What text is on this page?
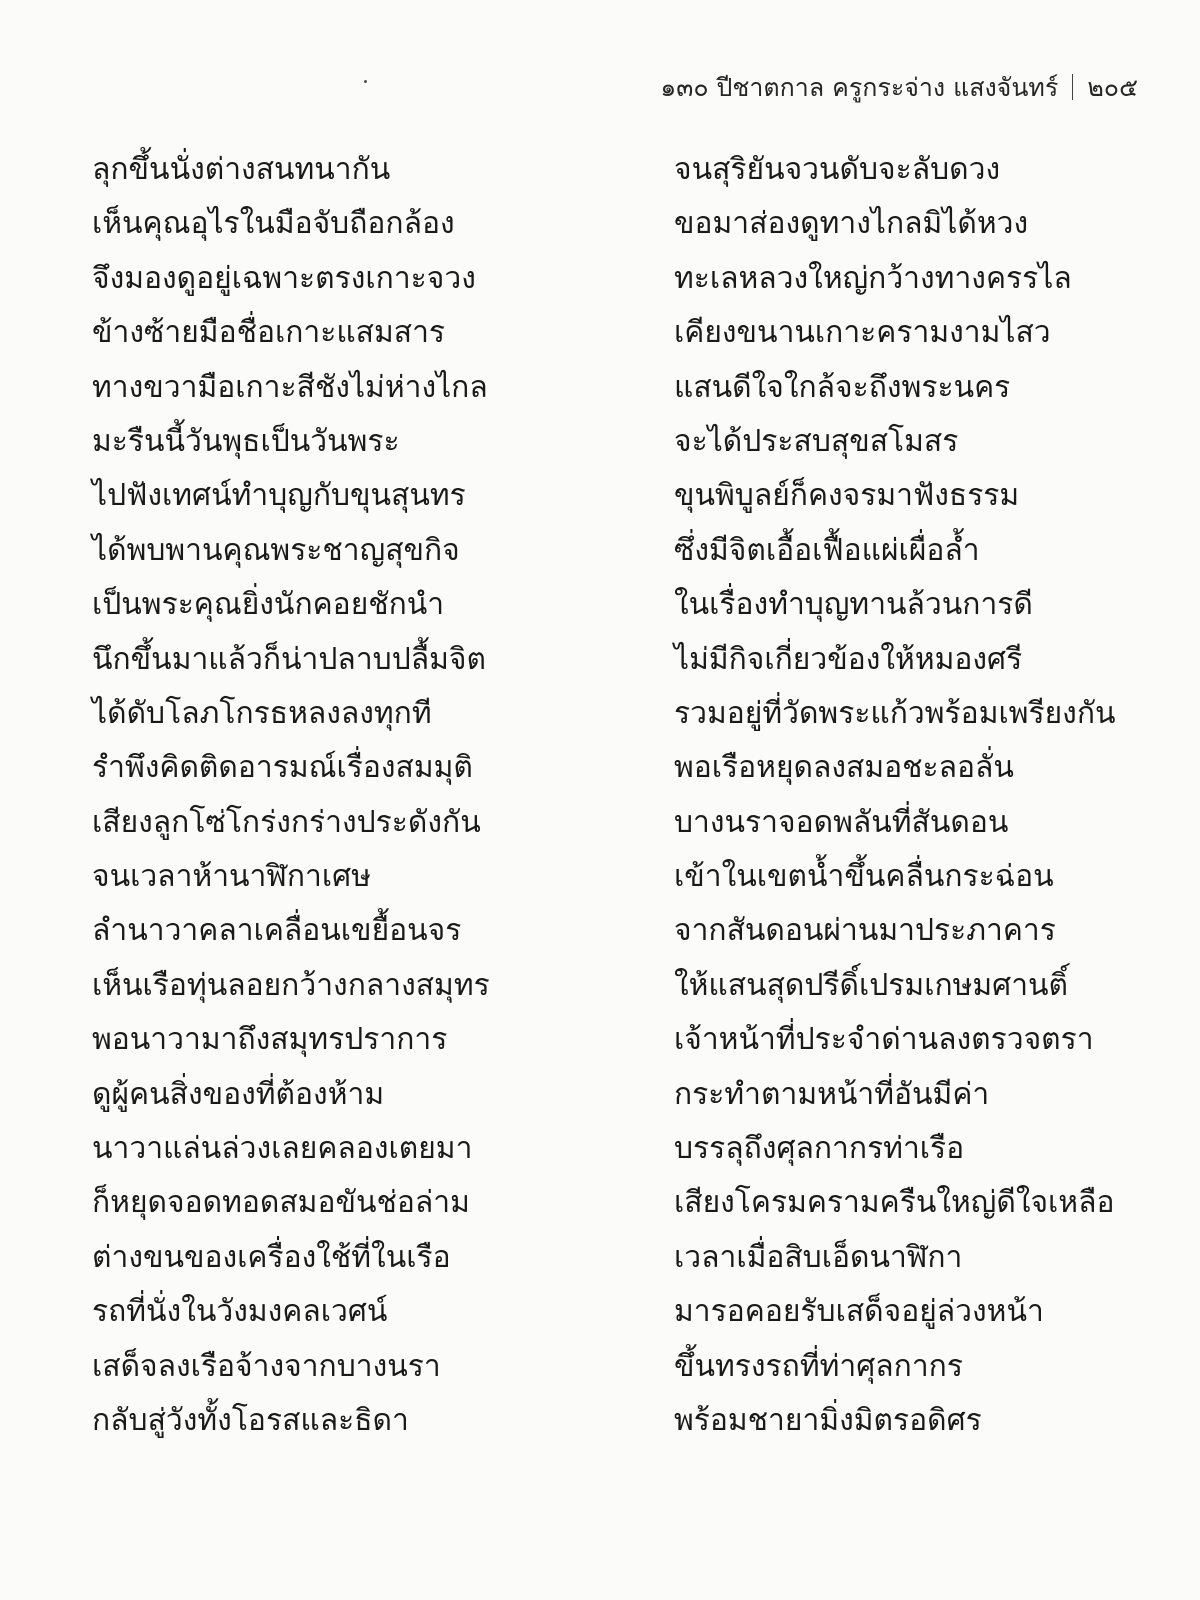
๑๓๐ ปีชาตกาล ครูกระจ่าง แสงจันทร์ ๒๐๕
ลุกขึ้นนั่งต่างสนทนากัน	จนสุริยันจวนดับจะลับดวง
เห็นคุณอุไรในมือจับถือกล้อง	ขอมาส่องดูทางไกลมิได้หวง
จึงมองดูอยู่เฉพาะตรงเกาะจวง	ทะเลหลวงใหญ่กว้างทางครรไล
ข้างซ้ายมือชื่อเกาะแสมสาร	เคียงขนานเกาะครามงามไสว
ทางขวามือเกาะสีชังไม่ห่างไกล	แสนดีใจใกล้จะถึงพระนคร
มะรืนนี้วันพุธเป็นวันพระ	จะได้ประสบสุขสโมสร
ไปฟังเทศน์ทำบุญกับขุนสุนทร	ขุนพิบูลย์ก็คงจรมาฟังธรรม
ได้พบพานคุณพระชาญสุขกิจ	ซึ่งมีจิตเอื้อเฟื้อแผ่เผื่อล้ำ
เป็นพระคุณยิ่งนักคอยชักนำ	ในเรื่องทำบุญทานล้วนการดี
นึกขึ้นมาแล้วก็น่าปลาบปลื้มจิต	ไม่มีกิจเกี่ยวข้องให้หมองศรี
ได้ดับโลภโกรธหลงลงทุกที	รวมอยู่ที่วัดพระแก้วพร้อมเพรียงกัน
รำพึงคิดติดอารมณ์เรื่องสมมุติ	พอเรือหยุดลงสมอชะลอลั่น
เสียงลูกโซ่โกร่งกร่างประดังกัน	บางนราจอดพลันที่สันดอน
จนเวลาห้านาฬิกาเศษ	เข้าในเขตน้ำขึ้นคลื่นกระฉ่อน
ลำนาวาคลาเคลื่อนเขยื้อนจร	จากสันดอนผ่านมาประภาคาร
เห็นเรือทุ่นลอยกว้างกลางสมุทร	ให้แสนสุดปรีดิ์เปรมเกษมศานติ์
พอนาวามาถึงสมุทรปราการ	เจ้าหน้าที่ประจำด่านลงตรวจตรา
ดูผู้คนสิ่งของที่ต้องห้าม	กระทำตามหน้าที่อันมีค่า
นาวาแล่นล่วงเลยคลองเตยมา	บรรลุถึงศุลกากรท่าเรือ
ก็หยุดจอดทอดสมอขันช่อล่าม	เสียงโครมครามครืนใหญ่ดีใจเหลือ
ต่างขนของเครื่องใช้ที่ในเรือ	เวลาเมื่อสิบเอ็ดนาฬิกา
รถที่นั่งในวังมงคลเวศน์	มารอคอยรับเสด็จอยู่ล่วงหน้า
เสด็จลงเรือจ้างจากบางนรา	ขึ้นทรงรถที่ท่าศุลกากร
กลับสู่วังทั้งโอรสและธิดา	พร้อมชายามิ่งมิตรอดิศร
